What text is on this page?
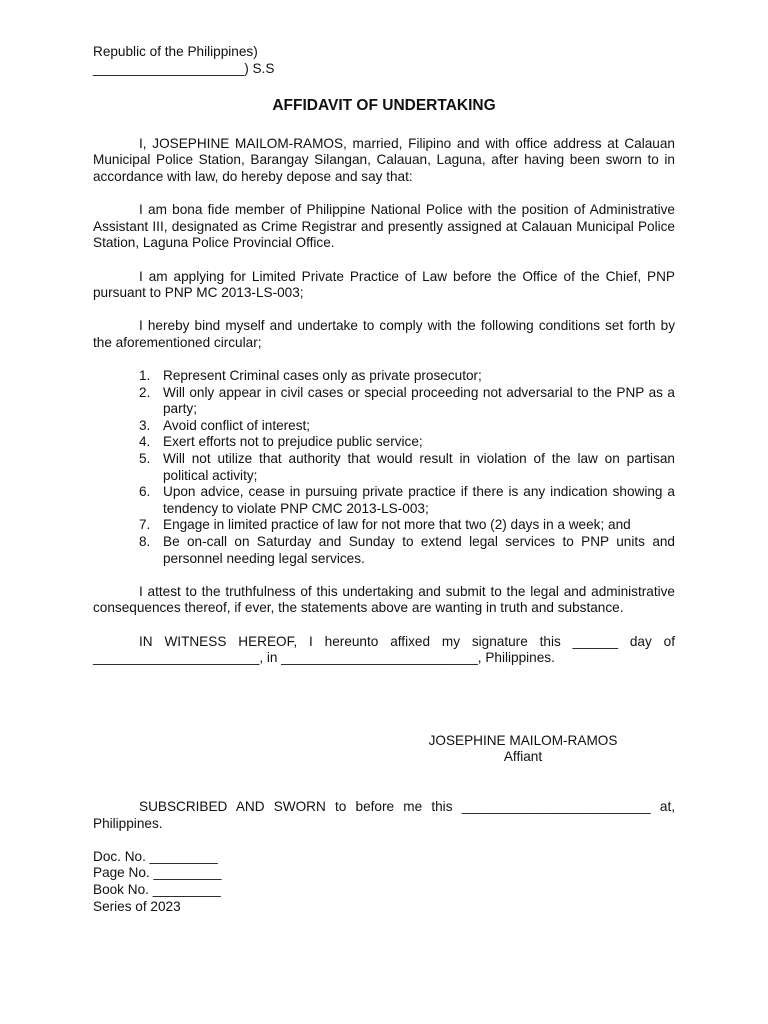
Republic of the Philippines)

____________________) S.S

AFFIDAVIT OF UNDERTAKING

I, JOSEPHINE MAILOM-RAMOS, married, Filipino and with office address at Calauan Municipal Police Station, Barangay Silangan, Calauan, Laguna, after having been sworn to in accordance with law, do hereby depose and say that:

I am bona fide member of Philippine National Police with the position of Administrative Assistant III, designated as Crime Registrar and presently assigned at Calauan Municipal Police Station, Laguna Police Provincial Office.

I am applying for Limited Private Practice of Law before the Office of the Chief, PNP pursuant to PNP MC 2013-LS-003;

I hereby bind myself and undertake to comply with the following conditions set forth by the aforementioned circular;

1. Represent Criminal cases only as private prosecutor;
2. Will only appear in civil cases or special proceeding not adversarial to the PNP as a party;
3. Avoid conflict of interest;
4. Exert efforts not to prejudice public service;
5. Will not utilize that authority that would result in violation of the law on partisan political activity;
6. Upon advice, cease in pursuing private practice if there is any indication showing a tendency to violate PNP CMC 2013-LS-003;
7. Engage in limited practice of law for not more that two (2) days in a week; and
8. Be on-call on Saturday and Sunday to extend legal services to PNP units and personnel needing legal services.

I attest to the truthfulness of this undertaking and submit to the legal and administrative consequences thereof, if ever, the statements above are wanting in truth and substance.

IN WITNESS HEREOF, I hereunto affixed my signature this ______ day of ______________________, in __________________________, Philippines.

JOSEPHINE MAILOM-RAMOS

Affiant

SUBSCRIBED AND SWORN to before me this _________________________ at, Philippines.

Doc. No. _________

Page No. _________

Book No. _________

Series of 2023
